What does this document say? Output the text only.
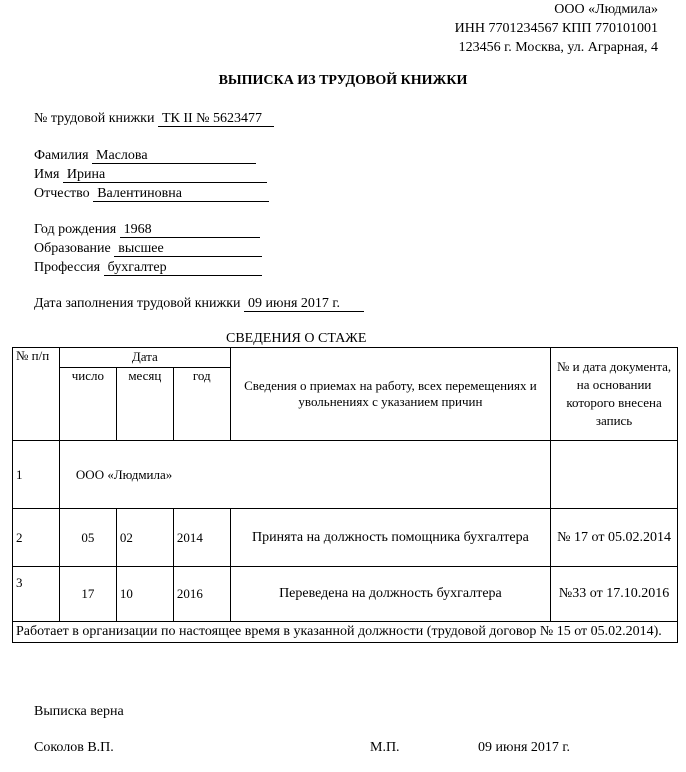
ООО «Людмила»
ИНН 7701234567 КПП 770101001
123456 г. Москва, ул. Аграрная, 4
ВЫПИСКА ИЗ ТРУДОВОЙ КНИЖКИ
№ трудовой книжки ТК II № 5623477
Фамилия Маслова
Имя Ирина
Отчество Валентиновна
Год рождения 1968
Образование высшее
Профессия бухгалтер
Дата заполнения трудовой книжки 09 июня 2017 г.
СВЕДЕНИЯ О СТАЖЕ
№ п/п	Дата			Сведения о приемах на работу, всех перемещениях и увольнениях с указанием причин	№ и дата документа, на основании которого внесена запись
	число	месяц	год		
1	ООО «Людмила»				
2	05	02	2014	Принята на должность помощника бухгалтера	№ 17 от 05.02.2014
3	17	10	2016	Переведена на должность бухгалтера	№33 от 17.10.2016
Работает в организации по настоящее время в указанной должности (трудовой договор № 15 от 05.02.2014).					
Выписка верна
Соколов В.П.	М.П.	09 июня 2017 г.
